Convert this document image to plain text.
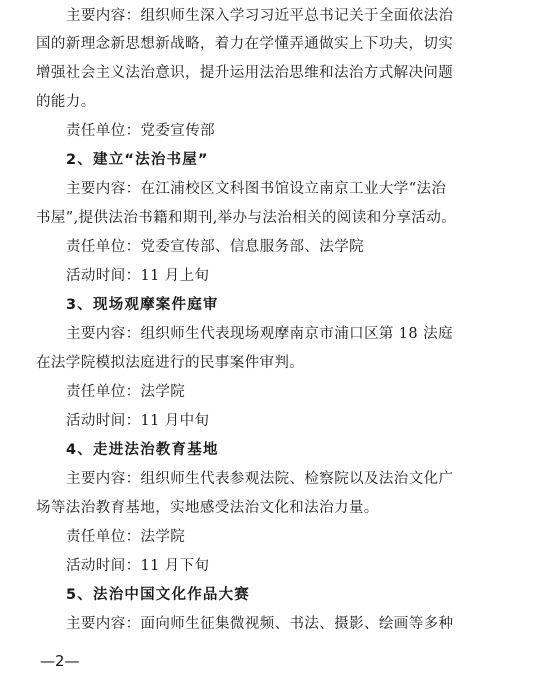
主要内容：组织师生深入学习习近平总书记关于全面依法治
国的新理念新思想新战略，着力在学懂弄通做实上下功夫，切实
增强社会主义法治意识，提升运用法治思维和法治方式解决问题
的能力。
责任单位：党委宣传部
2、建立“法治书屋”
主要内容：在江浦校区文科图书馆设立南京工业大学“法治
书屋”,提供法治书籍和期刊,举办与法治相关的阅读和分享活动。
责任单位：党委宣传部、信息服务部、法学院
活动时间：11 月上旬
3、现场观摩案件庭审
主要内容：组织师生代表现场观摩南京市浦口区第 18 法庭
在法学院模拟法庭进行的民事案件审判。
责任单位：法学院
活动时间：11 月中旬
4、走进法治教育基地
主要内容：组织师生代表参观法院、检察院以及法治文化广
场等法治教育基地，实地感受法治文化和法治力量。
责任单位：法学院
活动时间：11 月下旬
5、法治中国文化作品大赛
主要内容：面向师生征集微视频、书法、摄影、绘画等多种
—2—
